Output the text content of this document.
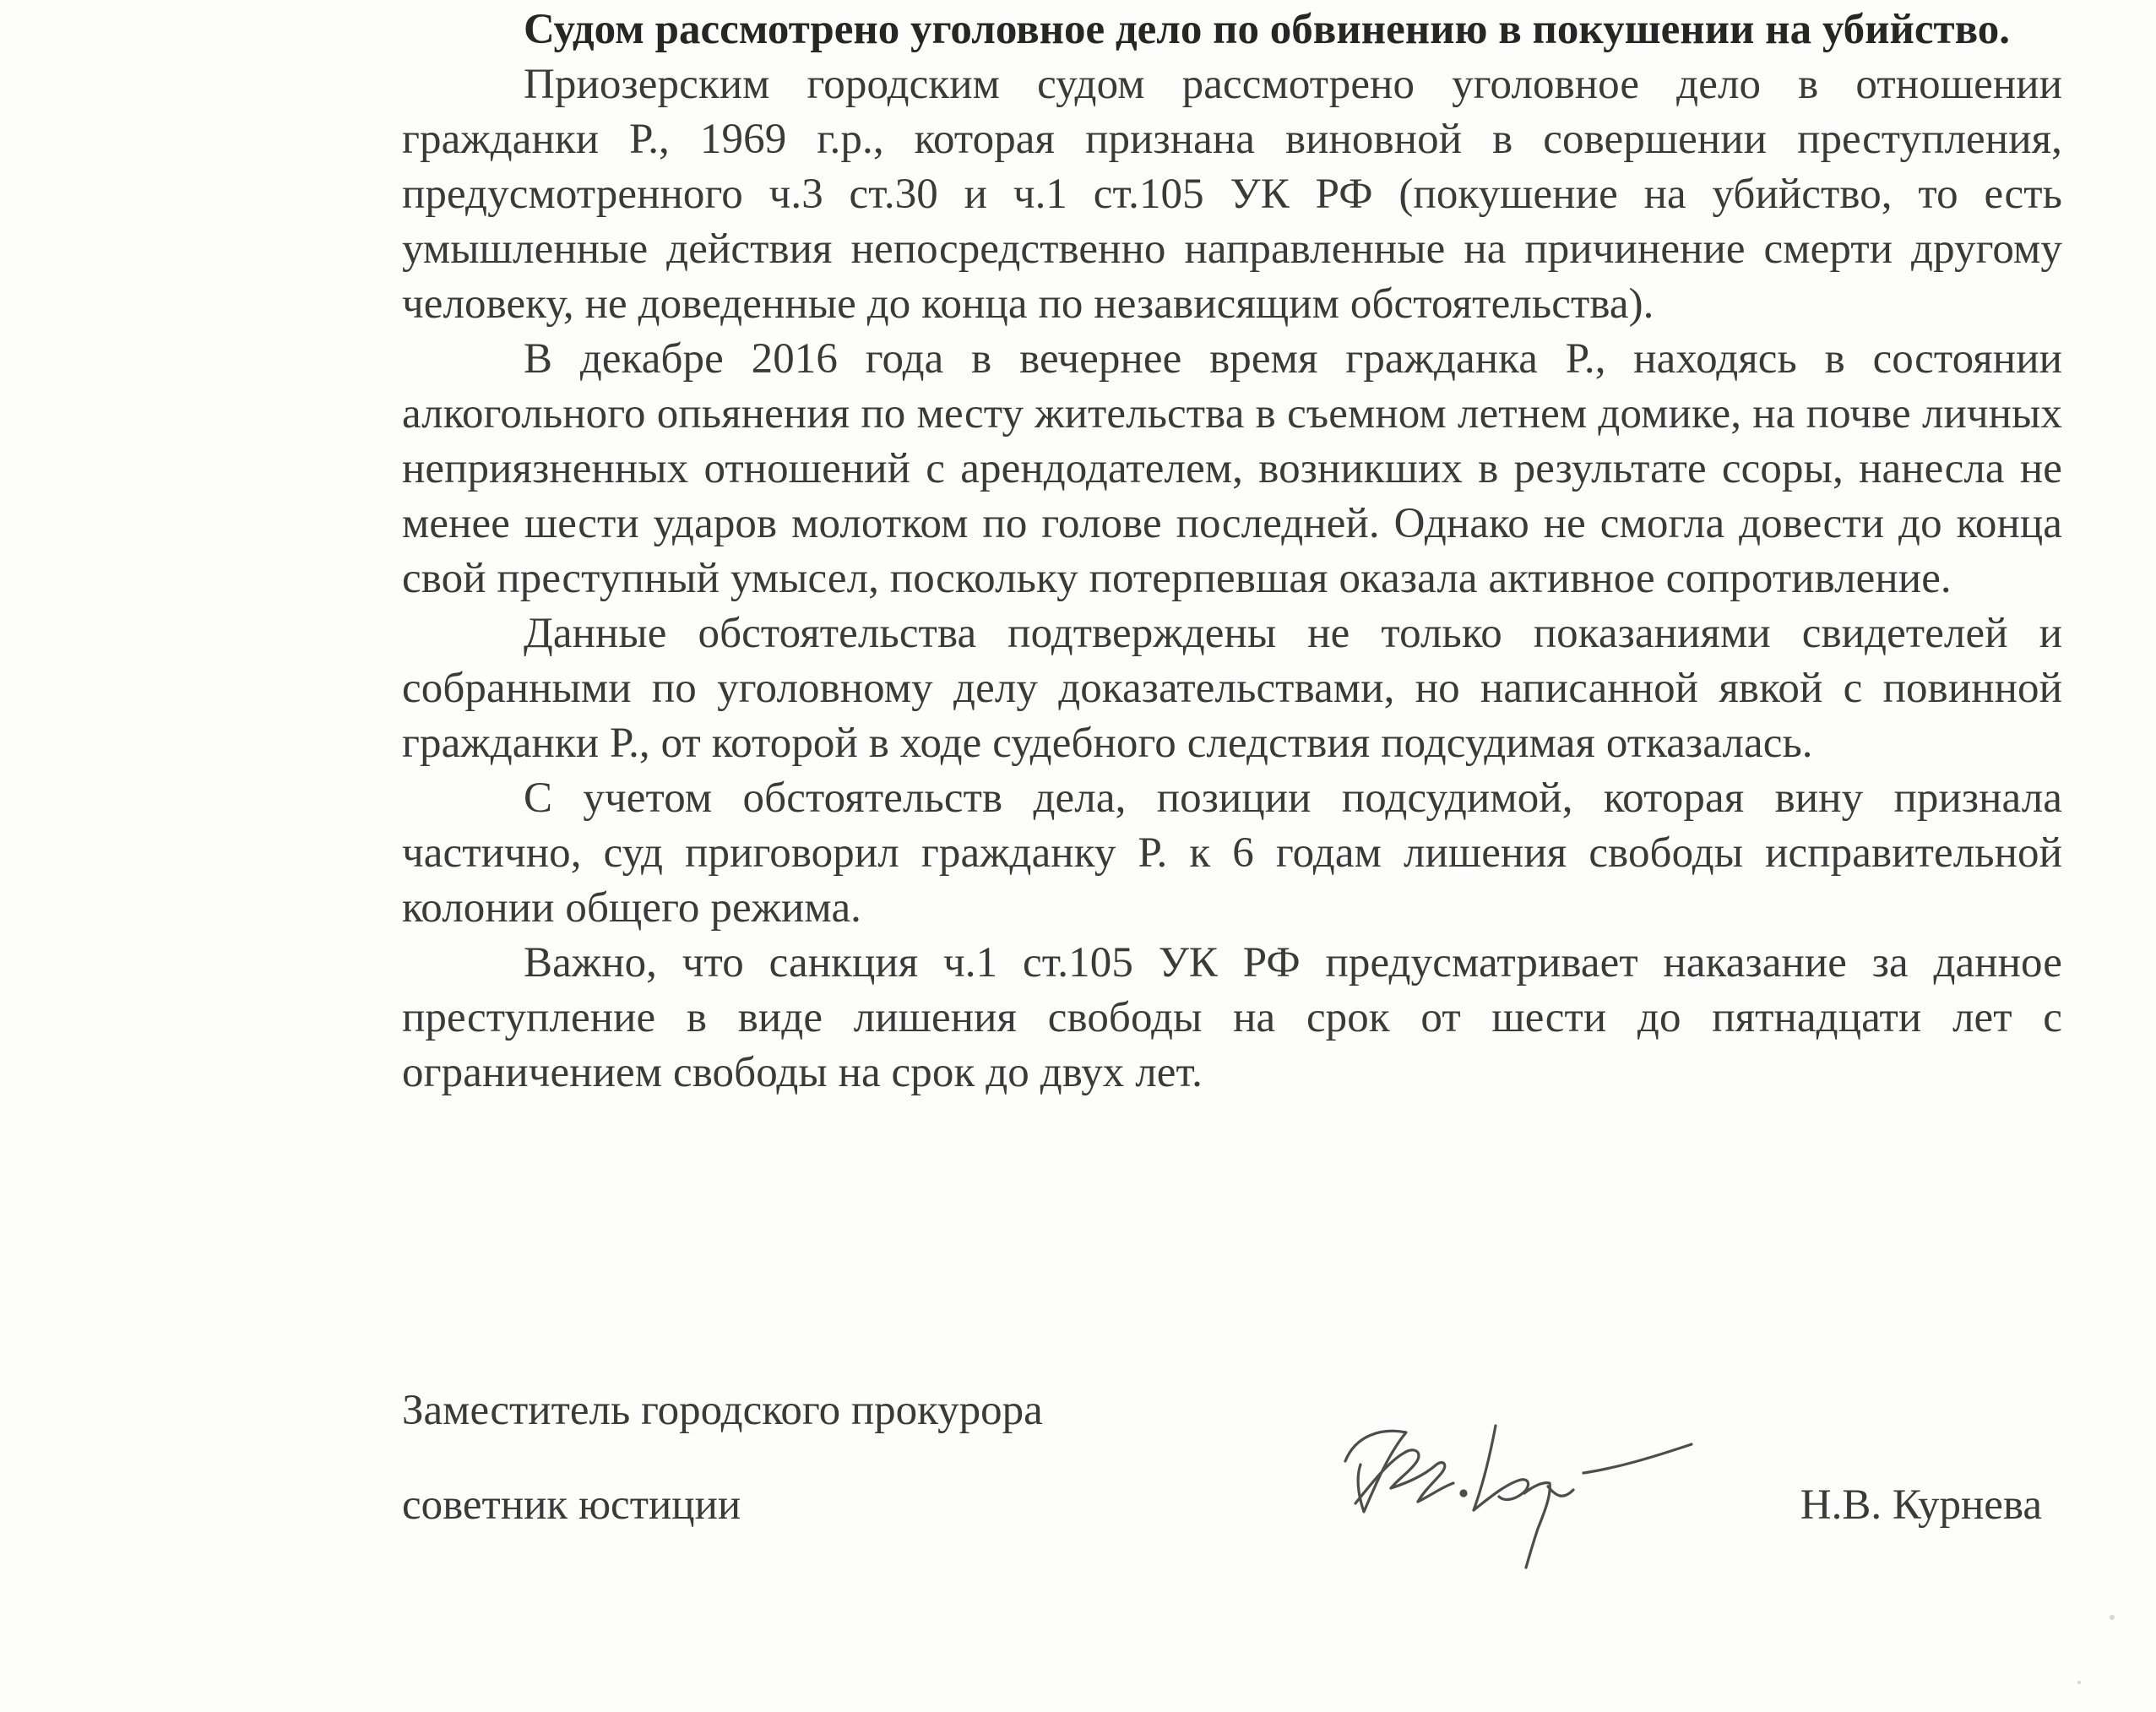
Судом рассмотрено уголовное дело по обвинению в покушении на убийство.

Приозерским городским судом рассмотрено уголовное дело в отношении гражданки Р., 1969 г.р., которая признана виновной в совершении преступления, предусмотренного ч.3 ст.30 и ч.1 ст.105 УК РФ (покушение на убийство, то есть умышленные действия непосредственно направленные на причинение смерти другому человеку, не доведенные до конца по независящим обстоятельства).

В декабре 2016 года в вечернее время гражданка Р., находясь в состоянии алкогольного опьянения по месту жительства в съемном летнем домике, на почве личных неприязненных отношений с арендодателем, возникших в результате ссоры, нанесла не менее шести ударов молотком по голове последней. Однако не смогла довести до конца свой преступный умысел, поскольку потерпевшая оказала активное сопротивление.

Данные обстоятельства подтверждены не только показаниями свидетелей и собранными по уголовному делу доказательствами, но написанной явкой с повинной гражданки Р., от которой в ходе судебного следствия подсудимая отказалась.

С учетом обстоятельств дела, позиции подсудимой, которая вину признала частично, суд приговорил гражданку Р. к 6 годам лишения свободы исправительной колонии общего режима.

Важно, что санкция ч.1 ст.105 УК РФ предусматривает наказание за данное преступление в виде лишения свободы на срок от шести до пятнадцати лет с ограничением свободы на срок до двух лет.

Заместитель городского прокурора
советник юстиции	Н.В. Курнева
